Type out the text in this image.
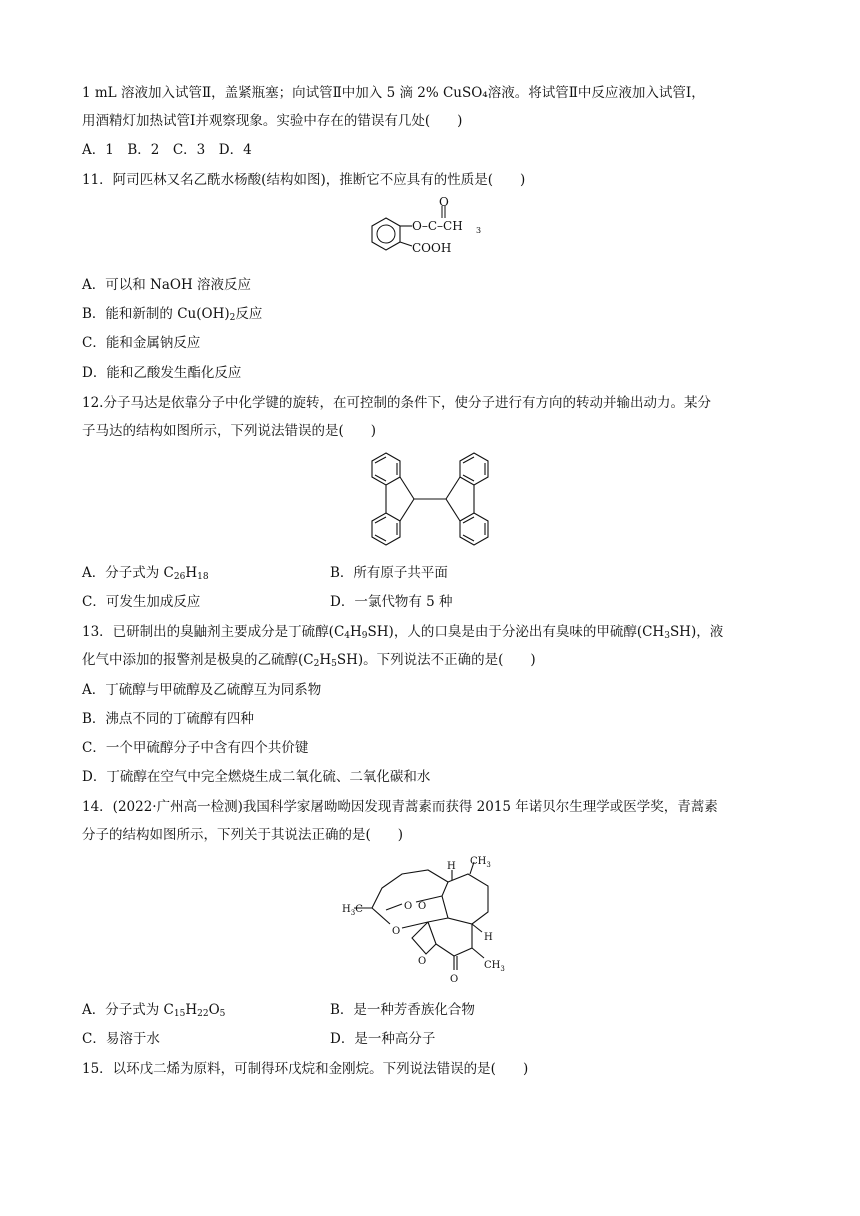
1 mL 溶液加入试管Ⅱ，盖紧瓶塞；向试管Ⅱ中加入 5 滴 2% CuSO₄溶液。将试管Ⅱ中反应液加入试管Ⅰ，
用酒精灯加热试管Ⅰ并观察现象。实验中存在的错误有几处(　　)
A．1　B．2　C．3　D．4
11．阿司匹林又名乙酰水杨酸(结构如图)，推断它不应具有的性质是(　　)
O
O–C–CH 3
COOH
A．可以和 NaOH 溶液反应
B．能和新制的 $Cu(OH)_2$反应
C．能和金属钠反应
D．能和乙酸发生酯化反应
12.分子马达是依靠分子中化学键的旋转，在可控制的条件下，使分子进行有方向的转动并输出动力。某分
子马达的结构如图所示，下列说法错误的是(　　)
A．分子式为 $C_{26}H_{18}$	B．所有原子共平面
C．可发生加成反应	D．一氯代物有 5 种
13．已研制出的臭鼬剂主要成分是丁硫醇$(C_4H_9SH)$，人的口臭是由于分泌出有臭味的甲硫醇$(CH_3SH)$，液
化气中添加的报警剂是极臭的乙硫醇$(C_2H_5SH)$。下列说法不正确的是(　　)
A．丁硫醇与甲硫醇及乙硫醇互为同系物
B．沸点不同的丁硫醇有四种
C．一个甲硫醇分子中含有四个共价键
D．丁硫醇在空气中完全燃烧生成二氧化硫、二氧化碳和水
14．(2022·广州高一检测)我国科学家屠呦呦因发现青蒿素而获得 2015 年诺贝尔生理学或医学奖，青蒿素
分子的结构如图所示，下列关于其说法正确的是(　　)
$CH_3$
H
H
$H_3C$	O O
O
O
O
$CH_3$
A．分子式为 $C_{15}H_{22}O_5$	B．是一种芳香族化合物
C．易溶于水	D．是一种高分子
15．以环戊二烯为原料，可制得环戊烷和金刚烷。下列说法错误的是(　　)
